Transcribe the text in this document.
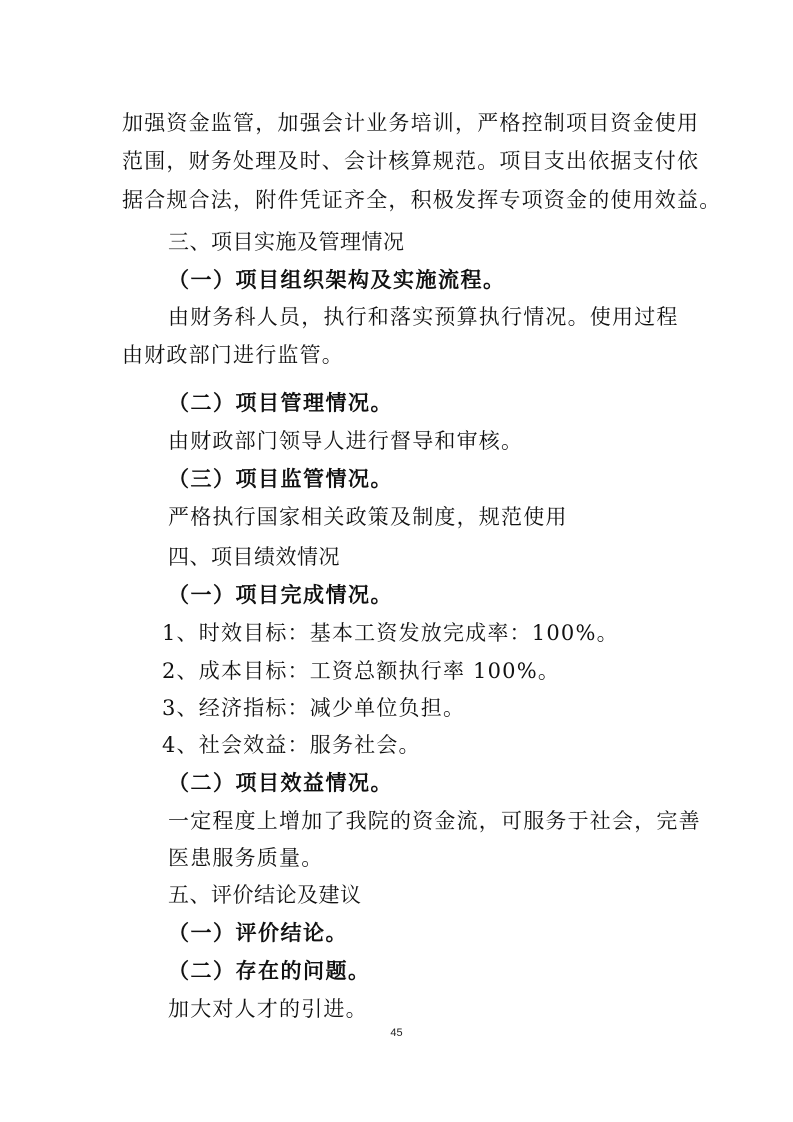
加强资金监管，加强会计业务培训，严格控制项目资金使用
范围，财务处理及时、会计核算规范。项目支出依据支付依
据合规合法，附件凭证齐全，积极发挥专项资金的使用效益。
三、项目实施及管理情况
（一）项目组织架构及实施流程。
由财务科人员，执行和落实预算执行情况。使用过程
由财政部门进行监管。
（二）项目管理情况。
由财政部门领导人进行督导和审核。
（三）项目监管情况。
严格执行国家相关政策及制度，规范使用
四、项目绩效情况
（一）项目完成情况。
1、时效目标：基本工资发放完成率：100%。
2、成本目标：工资总额执行率 100%。
3、经济指标：减少单位负担。
4、社会效益：服务社会。
（二）项目效益情况。
一定程度上增加了我院的资金流，可服务于社会，完善
医患服务质量。
五、评价结论及建议
（一）评价结论。
（二）存在的问题。
加大对人才的引进。
45
